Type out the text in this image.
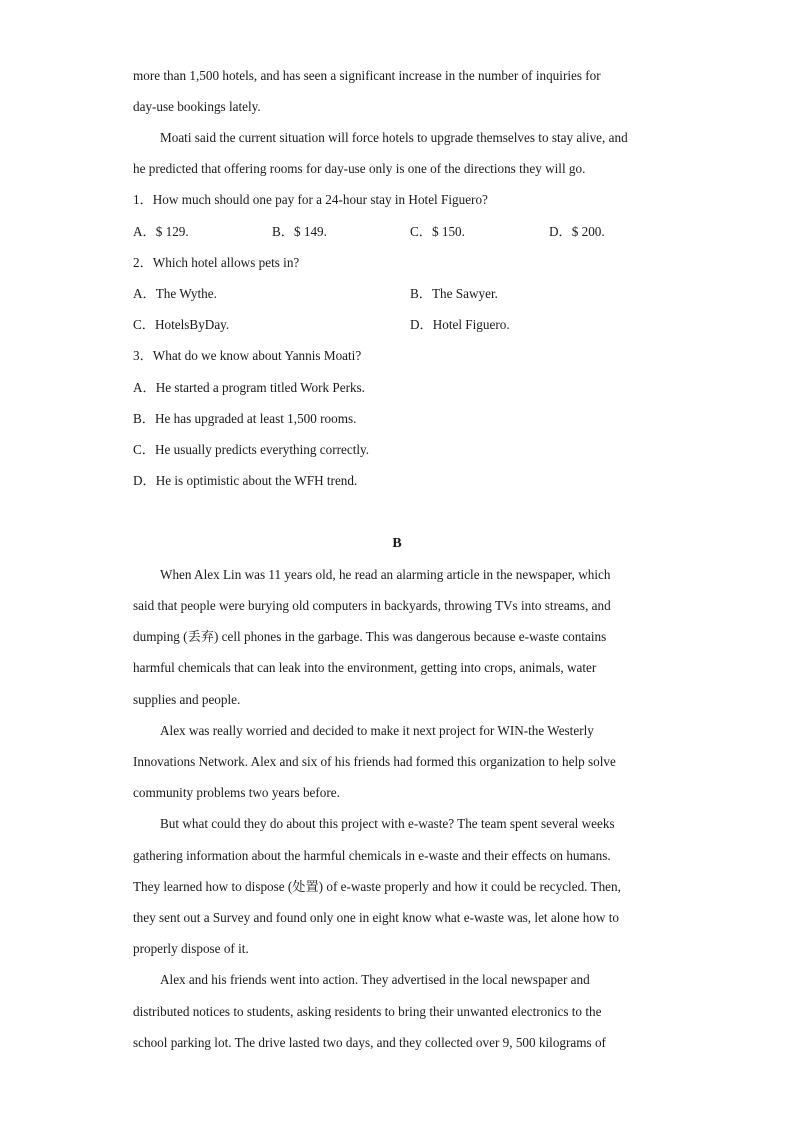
more than 1,500 hotels, and has seen a significant increase in the number of inquiries for
day-use bookings lately.
Moati said the current situation will force hotels to upgrade themselves to stay alive, and
he predicted that offering rooms for day-use only is one of the directions they will go.
1．How much should one pay for a 24-hour stay in Hotel Figuero?
A．$ 129.	B．$ 149.	C．$ 150.	D．$ 200.
2．Which hotel allows pets in?
A．The Wythe.	B．The Sawyer.
C．HotelsByDay.	D．Hotel Figuero.
3．What do we know about Yannis Moati?
A．He started a program titled Work Perks.
B．He has upgraded at least 1,500 rooms.
C．He usually predicts everything correctly.
D．He is optimistic about the WFH trend.
B
When Alex Lin was 11 years old, he read an alarming article in the newspaper, which
said that people were burying old computers in backyards, throwing TVs into streams, and
dumping (丢弃) cell phones in the garbage. This was dangerous because e-waste contains
harmful chemicals that can leak into the environment, getting into crops, animals, water
supplies and people.
Alex was really worried and decided to make it next project for WIN-the Westerly
Innovations Network. Alex and six of his friends had formed this organization to help solve
community problems two years before.
But what could they do about this project with e-waste? The team spent several weeks
gathering information about the harmful chemicals in e-waste and their effects on humans.
They learned how to dispose (处置) of e-waste properly and how it could be recycled. Then,
they sent out a Survey and found only one in eight know what e-waste was, let alone how to
properly dispose of it.
Alex and his friends went into action. They advertised in the local newspaper and
distributed notices to students, asking residents to bring their unwanted electronics to the
school parking lot. The drive lasted two days, and they collected over 9, 500 kilograms of
